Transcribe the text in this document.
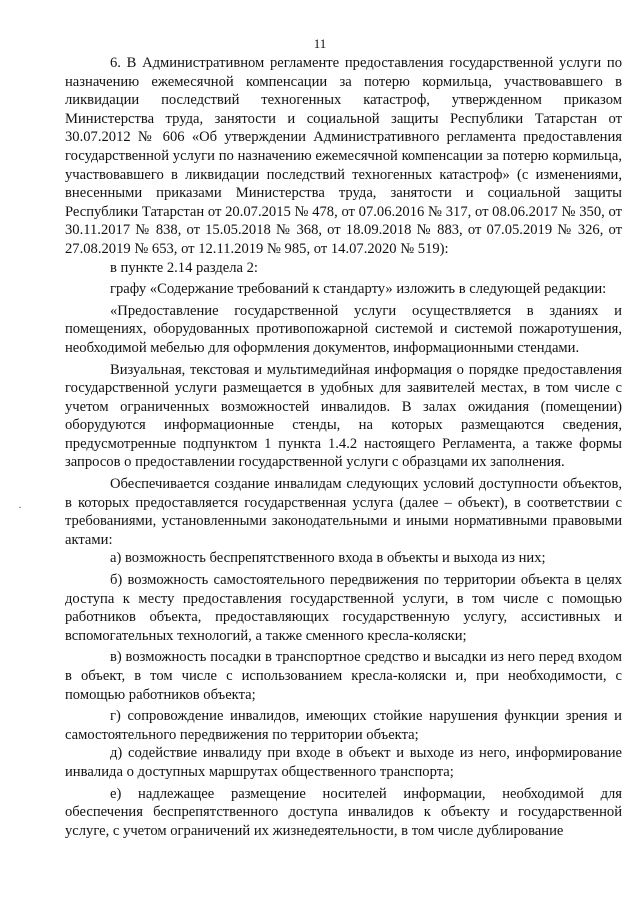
11
·

6. В Административном регламенте предоставления государственной услуги по назначению ежемесячной компенсации за потерю кормильца, участвовавшего в ликвидации последствий техногенных катастроф, утвержденном приказом Министерства труда, занятости и социальной защиты Республики Татарстан от 30.07.2012 № 606 «Об утверждении Административного регламента предоставления государственной услуги по назначению ежемесячной компенсации за потерю кормильца, участвовавшего в ликвидации последствий техногенных катастроф» (с изменениями, внесенными приказами Министерства труда, занятости и социальной защиты Республики Татарстан от 20.07.2015 № 478, от 07.06.2016 № 317, от 08.06.2017 № 350, от 30.11.2017 № 838, от 15.05.2018 № 368, от 18.09.2018 № 883, от 07.05.2019 № 326, от 27.08.2019 № 653, от 12.11.2019 № 985, от 14.07.2020 № 519):

в пункте 2.14 раздела 2:

графу «Содержание требований к стандарту» изложить в следующей редакции:

«Предоставление государственной услуги осуществляется в зданиях и помещениях, оборудованных противопожарной системой и системой пожаротушения, необходимой мебелью для оформления документов, информационными стендами.

Визуальная, текстовая и мультимедийная информация о порядке предоставления государственной услуги размещается в удобных для заявителей местах, в том числе с учетом ограниченных возможностей инвалидов. В залах ожидания (помещении) оборудуются информационные стенды, на которых размещаются сведения, предусмотренные подпунктом 1 пункта 1.4.2 настоящего Регламента, а также формы запросов о предоставлении государственной услуги с образцами их заполнения.

Обеспечивается создание инвалидам следующих условий доступности объектов, в которых предоставляется государственная услуга (далее – объект), в соответствии с требованиями, установленными законодательными и иными нормативными правовыми актами:

а) возможность беспрепятственного входа в объекты и выхода из них;

б) возможность самостоятельного передвижения по территории объекта в целях доступа к месту предоставления государственной услуги, в том числе с помощью работников объекта, предоставляющих государственную услугу, ассистивных и вспомогательных технологий, а также сменного кресла-коляски;

в) возможность посадки в транспортное средство и высадки из него перед входом в объект, в том числе с использованием кресла-коляски и, при необходимости, с помощью работников объекта;

г) сопровождение инвалидов, имеющих стойкие нарушения функции зрения и самостоятельного передвижения по территории объекта;

д) содействие инвалиду при входе в объект и выходе из него, информирование инвалида о доступных маршрутах общественного транспорта;

е) надлежащее размещение носителей информации, необходимой для обеспечения беспрепятственного доступа инвалидов к объекту и государственной услуге, с учетом ограничений их жизнедеятельности, в том числе дублирование
